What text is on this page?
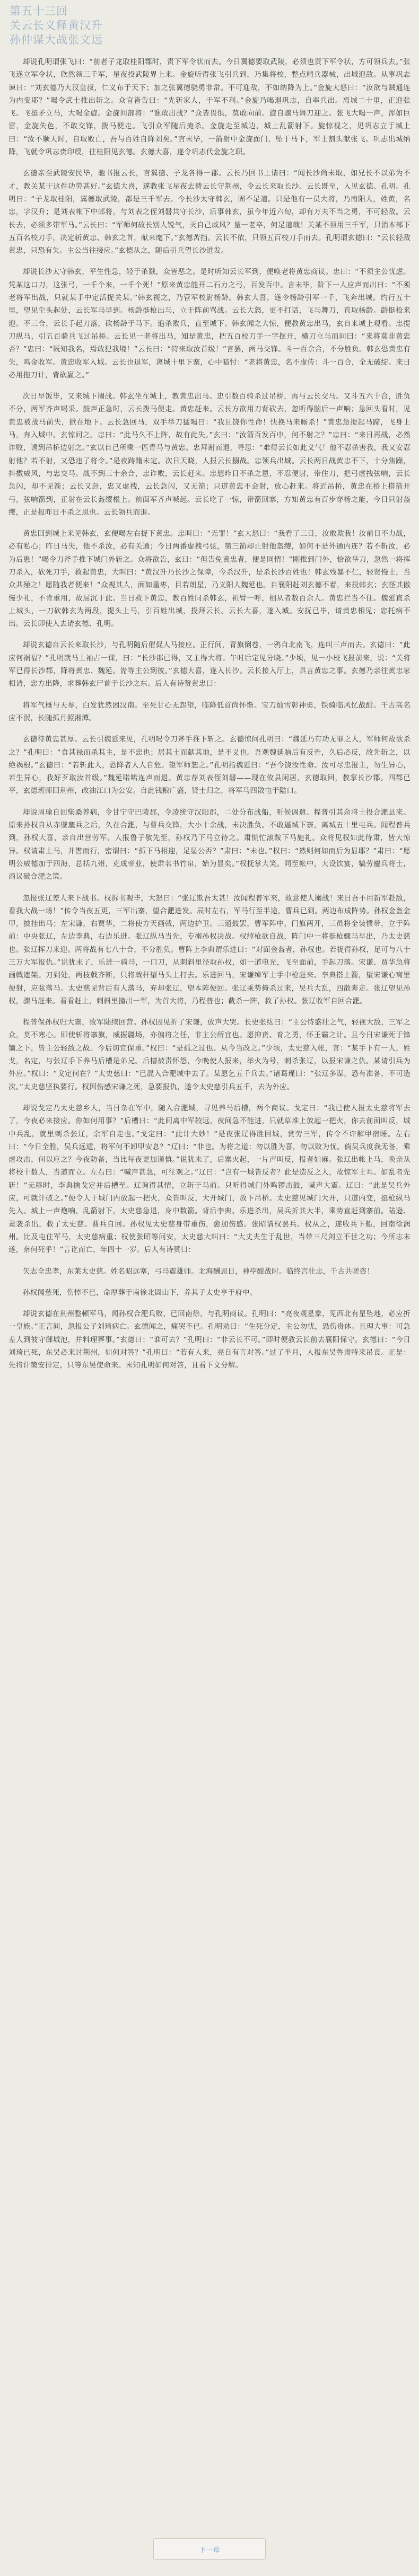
第五十三回
关云长义释黄汉升
孙仲谋大战张文远

却说孔明谓张飞曰：“前者子龙取桂阳郡时，责下军令状而去。今日翼德要取武陵，必须也责下军令状，方可领兵去。”张飞遂立军令状，欣然领三千军，星夜投武陵界上来。金旋听得张飞引兵到，乃集将校，整点精兵器械，出城迎敌。从事巩志谏曰：“刘玄德乃大汉皇叔，仁义布于天下；加之张翼德骁勇非常。不可迎敌，不如纳降为上。”金旋大怒曰：“汝欲与贼通连为内变耶？”喝令武士推出斩之。众官皆告曰：“先斩家人，于军不利。”金旋乃喝退巩志，自率兵出。离城二十里，正迎张飞。飞挺矛立马，大喝金旋。金旋问部将：“谁敢出战？”众皆畏惧，莫敢向前。旋自骤马舞刀迎之。张飞大喝一声，浑如巨雷，金旋失色，不敢交锋，拨马便走。飞引众军随后掩杀。金旋走至城边，城上乱箭射下。旋惊视之，见巩志立于城上曰：“汝不顺天时，自取败亡，吾与百姓自降刘矣。”言未毕，一箭射中金旋面门，坠于马下，军士割头献张飞。巩志出城纳降，飞就令巩志赍印绶，往桂阳见玄德。玄德大喜，遂令巩志代金旋之职。

玄德亲至武陵安民毕，驰书报云长，言翼德、子龙各得一郡。云长乃回书上请曰：“闻长沙尚未取，如兄长不以弟为不才，教关某干这件功劳甚好。”玄德大喜，遂教张飞星夜去替云长守荆州，令云长来取长沙。云长既至，入见玄德、孔明。孔明曰：“子龙取桂阳，翼德取武陵，都是三千军去。今长沙太守韩玄，固不足道。只是他有一员大将，乃南阳人，姓黄，名忠，字汉升；是刘表帐下中郎将，与刘表之侄刘磐共守长沙，后事韩玄，虽今年近六旬，却有万夫不当之勇，不可轻敌。云长去，必须多带军马。”云长曰：“军师何故长别人锐气，灭自己威风？量一老卒，何足道哉！关某不须用三千军，只消本部下五百名校刀手，决定斩黄忠、韩玄之首，献来麾下。”玄德苦挡。云长不依，只领五百校刀手而去。孔明谓玄德曰：“云长轻敌黄忠，只恐有失。主公当往接应。”玄德从之，随后引兵望长沙进发。

却说长沙太守韩玄，平生性急，轻于杀戮，众皆恶之。是时听知云长军到，便唤老将黄忠商议。忠曰：“不须主公忧虑。凭某这口刀，这张弓，一千个来，一千个死！”原来黄忠能开二石力之弓，百发百中。言未毕，阶下一人应声而出曰：“不须老将军出战，只就某手中定活捉关某。”韩玄视之，乃管军校尉杨龄。韩玄大喜，遂令杨龄引军一千，飞奔出城。约行五十里，望见尘头起处，云长军马早到。杨龄挺枪出马，立于阵前骂战。云长大怒，更不打话，飞马舞刀，直取杨龄。龄挺枪来迎。不三合，云长手起刀落，砍杨龄于马下。追杀败兵，直至城下。韩玄闻之大惊，便教黄忠出马，玄自来城上观看。忠提刀纵马，引五百骑兵飞过吊桥。云长见一老将出马，知是黄忠，把五百校刀手一字摆开，横刀立马而问曰：“来将莫非黄忠否？”忠曰：“既知我名，焉敢犯我境！”云长曰：“特来取汝首级！”言罢，两马交锋。斗一百余合，不分胜负。韩玄恐黄忠有失，鸣金收军。黄忠收军入城。云长也退军，离城十里下寨，心中暗忖：“老将黄忠，名不虚传：斗一百合，全无破绽。来日必用拖刀计，背砍赢之。”

次日早饭毕，又来城下搦战。韩玄坐在城上，教黄忠出马。忠引数百骑杀过吊桥，再与云长交马。又斗五六十合，胜负不分，两军齐声喝采。鼓声正急时，云长拨马便走。黄忠赶来。云长方欲用刀背砍去，忽听得脑后一声响；急回头看时，见黄忠被战马前失，掀在地下。云长急回马，双手举刀猛喝曰：“我且饶你性命！快换马来厮杀！”黄忠急提起马蹄，飞身上马，奔入城中。玄惊问之。忠曰：“此马久不上阵，故有此失。”玄曰：“汝箭百发百中，何不射之？”忠曰：“来日再战，必然诈败，诱到吊桥边射之。”玄以自己所乘一匹青马与黄忠。忠拜谢而退，寻思：“难得云长如此义气！他不忍杀害我，我又安忍射他？若不射，又恐违了将令。”是夜踌躇未定。次日天晓，人报云长搦战。忠领兵出城。云长两日战黄忠不下，十分焦躁，抖擞威风，与忠交马。战不到三十余合，忠诈败，云长赶来。忠想昨日不杀之恩，不忍便射，带住刀，把弓虚拽弦响，云长急闪，却不见箭；云长又赶，忠又虚拽，云长急闪，又无箭；只道黄忠不会射，放心赶来。将近吊桥，黄忠在桥上搭箭开弓，弦响箭到，正射在云长盔缨根上。前面军齐声喊起。云长吃了一惊，带箭回寨，方知黄忠有百步穿杨之能，今日只射盔缨，正是报昨日不杀之恩也。云长领兵而退。

黄忠回到城上来见韩玄，玄便喝左右捉下黄忠。忠叫曰：“无罪！”玄大怒曰：“我看了三日，汝敢欺我！汝前日不力战，必有私心；昨日马失，他不杀汝，必有关通；今日两番虚拽弓弦，第三箭却止射他盔缨，如何不是外通内连？若不斩汝，必为后患！”喝令刀斧手推下城门外斩之。众将欲告，玄曰：“但告免黄忠者，便是同情！”刚推到门外，恰欲举刀，忽然一将挥刀杀入，砍死刀手，救起黄忠，大叫曰：“黄汉升乃长沙之保障，今杀汉升，是杀长沙百姓也！韩玄残暴不仁，轻贤慢士，当众共殛之！愿随我者便来！”众视其人，面如重枣，目若朗星，乃义阳人魏延也。自襄阳赶刘玄德不着，来投韩玄；玄怪其傲慢少礼，不肯重用，故屈沉于此。当日救下黄忠，教百姓同杀韩玄，袒臂一呼，相从者数百余人。黄忠拦当不住。魏延直杀上城头，一刀砍韩玄为两段，提头上马，引百姓出城，投拜云长。云长大喜，遂入城。安抚已毕，请黄忠相见；忠托病不出。云长即使人去请玄德、孔明。

却说玄德自云长来取长沙，与孔明随后催促人马接应。正行间，青旗倒卷，一鸦自北南飞，连叫三声而去。玄德曰：“此应何祸福？”孔明就马上袖占一课，曰：“长沙郡已得，又主得大将。午时后定见分晓。”少顷，见一小校飞报前来，说：“关将军已得长沙郡，降将黄忠、魏延。耑等主公到彼。”玄德大喜，遂入长沙。云长接入厅上，具言黄忠之事。玄德乃亲往黄忠家相请，忠方出降，求葬韩玄尸首于长沙之东。后人有诗赞黄忠曰：

将军气概与天参，白发犹然困汉南。至死甘心无怨望，临降低首尚怀惭。宝刀灿雪彰神勇，铁骑临风忆战酣。千古高名应不泯，长随孤月照湘潭。

玄德待黄忠甚厚。云长引魏延来见，孔明喝令刀斧手推下斩之。玄德惊问孔明曰：“魏延乃有功无罪之人，军师何故欲杀之？”孔明曰：“食其禄而杀其主，是不忠也；居其土而献其地，是不义也。吾观魏延脑后有反骨，久后必反，故先斩之，以绝祸根。”玄德曰：“若斩此人，恐降者人人自危。望军师恕之。”孔明指魏延曰：“吾今饶汝性命。汝可尽忠报主，勿生异心，若生异心，我好歹取汝首级。”魏延喏喏连声而退。黄忠荐刘表侄刘磐——现在攸县闲居，玄德取回，教掌长沙郡。四郡已平，玄德班师回荆州，改油江口为公安。自此钱粮广盛，贤士归之，将军马四散屯于隘口。

却说周瑜自回柴桑养病，令甘宁守巴陵郡，令凌统守汉阳郡，二处分布战船，听候调遣。程普引其余将士投合淝县来。原来孙权自从赤壁鏖兵之后，久在合淝，与曹兵交锋，大小十余战，未决胜负。不敢逼城下寨，离城五十里屯兵。闻程普兵到，孙权大喜，亲自出营劳军。人报鲁子敬先至，孙权乃下马立待之。肃慌忙滚鞍下马施礼。众将见权如此待肃，皆大惊异。权请肃上马，并辔而行，密谓曰：“孤下马相迎，足显公否？”肃曰：“未也。”权曰：“然则何如而后为显耶？”肃曰：“愿明公威德加于四海，总括九州，克成帝业，使肃名书竹帛，始为显矣。”权抚掌大笑。同至帐中，大设饮宴，犒劳鏖兵将士，商议破合淝之策。

忽报张辽差人来下战书。权拆书观毕，大怒曰：“张辽欺吾太甚！汝闻程普军来，故意使人搦战！来日吾不用新军赴敌，看我大战一场！”传令当夜五更，三军出寨，望合淝进发。辰时左右，军马行至半途，曹兵已到。两边布成阵势。孙权金盔金甲，披挂出马；左宋谦，右贾华，二将使方天画戟，两边护卫。三通鼓罢，曹军阵中，门旗两开，三员将全装惯带，立于阵前：中央张辽，左边李典，右边乐进。张辽纵马当先，专搦孙权决战。权绰枪欲自战，阵门中一将挺枪骤马早出，乃太史慈也。张辽挥刀来迎。两将战有七八十合，不分胜负。曹阵上李典谓乐进曰：“对面金盔者，孙权也。若捉得孙权，足可与八十三万大军报仇。”说犹未了，乐进一骑马，一口刀，从刺斜里径取孙权，如一道电光，飞至面前，手起刀落。宋谦、贾华急将画戟遮架。刀到处，两枝戟齐断，只将戟杆望马头上打去。乐进回马，宋谦绰军士手中枪赶来。李典搭上箭，望宋谦心窝里便射，应弦落马。太史慈见背后有人落马，弃却张辽，望本阵便回。张辽乘势掩杀过来，吴兵大乱，四散奔走。张辽望见孙权，骤马赶来。看看赶上，刺斜里撞出一军，为首大将，乃程普也；截杀一阵，救了孙权。张辽收军自回合淝。

程普保孙权归大寨，败军陆续回营。孙权因见折了宋谦，放声大哭。长史张纮曰：“主公恃盛壮之气，轻视大敌，三军之众，莫不寒心。即使斩将搴旗，威振疆场，亦偏将之任，非主公所宜也。愿抑贲、育之勇，怀王霸之计。且今日宋谦死于锋镝之下，皆主公轻敌之故。今后切宜保重。”权曰：“是孤之过也。从今当改之。”少顷，太史慈入帐，言：“某手下有一人，姓戈，名定，与张辽手下养马后槽是弟兄。后槽被责怀怨，今晚使人报来，举火为号，刺杀张辽，以报宋谦之仇。某请引兵为外应。”权曰：“戈定何在？”太史慈曰：“已混入合淝城中去了。某愿乞五千兵去。”诸葛瑾曰：“张辽多谋，恐有准备，不可造次。”太史慈坚执要行。权因伤感宋谦之死，急要报仇，遂令太史慈引兵五千，去为外应。

却说戈定乃太史慈乡人，当日杂在军中，随入合淝城，寻见养马后槽，两个商议。戈定曰：“我已使人报太史慈将军去了，今夜必来接应。你如何用事？”后槽曰：“此间离中军较远，夜间急不能进，只就草堆上放起一把火，你去前面叫反，城中兵乱，就里刺杀张辽，余军自走也。”戈定曰：“此计大妙！”是夜张辽得胜回城，赏劳三军，传令不许解甲宿睡。左右曰：“今日全胜，吴兵远遁，将军何不卸甲安息？”辽曰：“非也。为将之道：勿以胜为喜，勿以败为忧。倘吴兵度我无备，乘虚攻击，何以应之？今夜防备，当比每夜更加谨慎。”说犹未了，后寨火起，一片声叫反，报者如麻。张辽出帐上马，唤亲从将校十数人，当道而立。左右曰：“喊声甚急，可往观之。”辽曰：“岂有一城皆反者？此是造反之人，故惊军士耳。如乱者先斩！”无移时，李典擒戈定并后槽至。辽询得其情，立斩于马前。只听得城门外鸣锣击鼓，喊声大震。辽曰：“此是吴兵外应，可就计破之。”便令人于城门内放起一把火，众皆叫反，大开城门，放下吊桥。太史慈见城门大开，只道内变，挺枪纵马先入。城上一声炮响，乱箭射下，太史慈急退，身中数箭。背后李典、乐进杀出，吴兵折其大半，乘势直赶到寨前。陆逊、董袭杀出，救了太史慈。曹兵自回。孙权见太史慈身带重伤，愈加伤感。张昭请权罢兵。权从之，遂收兵下船，回南徐润州。比及屯住军马，太史慈病重；权使张昭等问安，太史慈大叫曰：“大丈夫生于乱世，当带三尺剑立不世之功；今所志未遂，奈何死乎！”言讫而亡，年四十一岁。后人有诗赞曰：

矢志全忠孝，东莱太史慈。姓名昭远塞，弓马震雄师。北海酬恩日，神亭酣战时。临终言壮志，千古共嗟咨！

孙权闻慈死，伤悼不已，命厚葬于南徐北固山下，养其子太史亨于府中。

却说玄德在荆州整顿军马，闻孙权合淝兵败，已回南徐，与孔明商议。孔明曰：“亮夜观星象，见西北有星坠地，必应折一皇族。”正言间，忽报公子刘琦病亡。玄德闻之，痛哭不已。孔明劝曰：“生死分定，主公勿忧，恐伤贵体。且理大事：可急差人到彼守御城池，并料理葬事。”玄德曰：“谁可去？”孔明曰：“非云长不可。”即时便教云长前去襄阳保守。玄德曰：“今日刘琦已死，东吴必来讨荆州，如何对答？”孔明曰：“若有人来，亮自有言对答。”过了半月，人报东吴鲁肃特来吊丧。正是：先将计策安排定，只等东吴使命来。未知孔明如何对答，且看下文分解。

下一章
